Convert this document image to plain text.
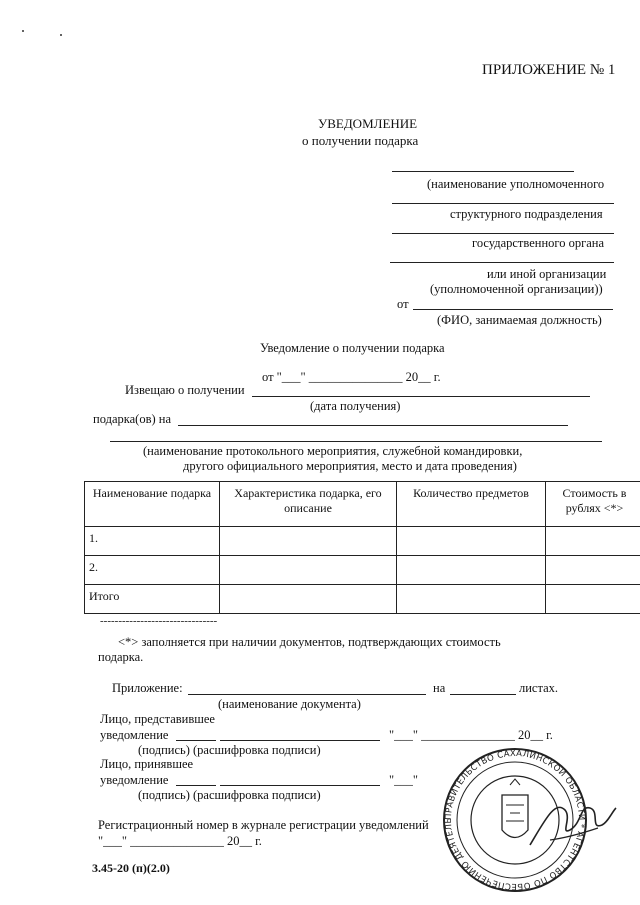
ПРИЛОЖЕНИЕ № 1
УВЕДОМЛЕНИЕ
о получении подарка
(наименование уполномоченного
структурного подразделения
государственного органа
или иной организации
(уполномоченной организации))
от
(ФИО, занимаемая должность)
Уведомление о получении подарка
от "___" _______________ 20__ г.
Извещаю о получении
(дата получения)
подарка(ов) на
(наименование протокольного мероприятия, служебной командировки,
другого официального мероприятия, место и дата проведения)
Наименование подарка	Характеристика подарка, его описание	Количество предметов	Стоимость в рублях <*>
1.			
2.			
Итого			
--------------------------------
<*> заполняется при наличии документов, подтверждающих стоимость
подарка.
Приложение:	на	листах.
(наименование документа)
Лицо, представившее
уведомление	"___" _______________ 20__ г.
(подпись) (расшифровка подписи)
Лицо, принявшее
уведомление	"___"
(подпись) (расшифровка подписи)
Регистрационный номер в журнале регистрации уведомлений
"___" _______________ 20__ г.
3.45-20 (п)(2.0)
ПРАВИТЕЛЬСТВО САХАЛИНСКОЙ ОБЛАСТИ * АГЕНТСТВО ПО ОБЕСПЕЧЕНИЮ ДЕЯТЕЛЬ
